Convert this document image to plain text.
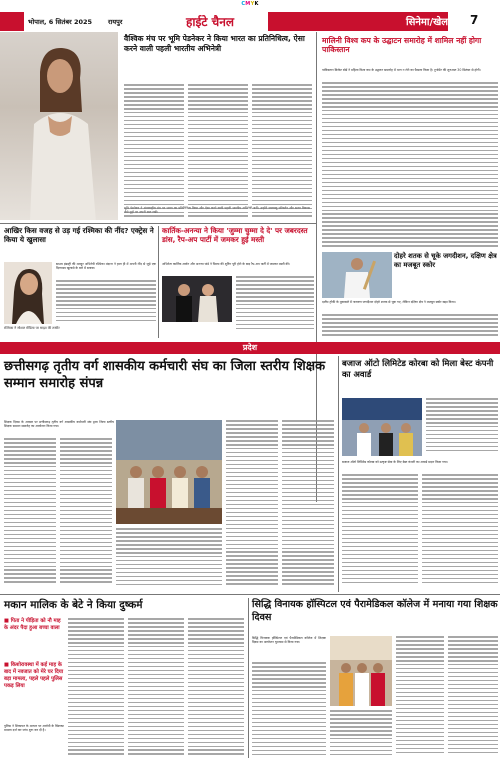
CMYK
भोपाल, 6 सितंबर 2025 रायपुर	हाईटे चैनल	सिनेमा/खेल 7
वैश्विक मंच पर भूमि पेडनेकर ने किया भारत का प्रतिनिधित्व, ऐसा करने वाली पहली भारतीय अभिनेत्री
भूमि पेडनेकर ने अंतरराष्ट्रीय मंच पर भारत का प्रतिनिधित्व किया और ऐसा करने वाली पहली भारतीय अभिनेत्री बनीं। उन्होंने जलवायु परिवर्तन और सतत विकास जैसे मुद्दों पर अपनी बात रखी।
मालिनी विश्व कप के उद्घाटन समारोह में शामिल नहीं होगा पाकिस्तान
पाकिस्तान क्रिकेट बोर्ड ने महिला विश्व कप के उद्घाटन समारोह में भाग न लेने का फैसला किया है। टूर्नामेंट की शुरुआत 30 सितंबर से होगी।
आखिर किस वजह से उड़ गई रश्मिका की नींद? एक्ट्रेस ने किया ये खुलासा
रश्मिका ने सोशल मीडिया पर साझा की तस्वीर
साउथ इंडस्ट्री की मशहूर अभिनेत्री रश्मिका मंदाना ने हाल ही में अपनी नींद से जुड़े एक दिलचस्प खुलासे के बारे में बताया।
कार्तिक-अनन्या ने किया 'जुम्मा चुम्मा दे दे' पर जबरदस्त डांस, रैप-अप पार्टी में जमकर हुई मस्ती
अभिनेता कार्तिक आर्यन और अनन्या पांडे ने फिल्म की शूटिंग पूरी होने के बाद रैप-अप पार्टी में जमकर मस्ती की।
दोहरे शतक से चूके जगदीशन, दक्षिण क्षेत्र का मजबूत स्कोर
दलीप ट्रॉफी के मुकाबले में नारायण जगदीशन दोहरे शतक से चूक गए, लेकिन दक्षिण क्षेत्र ने मजबूत स्कोर खड़ा किया।
प्रदेश
छत्तीसगढ़ तृतीय वर्ग शासकीय कर्मचारी संघ का जिला स्तरीय शिक्षक सम्मान समारोह संपन्न
शिक्षक दिवस के अवसर पर छत्तीसगढ़ तृतीय वर्ग शासकीय कर्मचारी संघ द्वारा जिला स्तरीय शिक्षक सम्मान समारोह का आयोजन किया गया।
बजाज ऑटो लिमिटेड कोरबा को मिला बेस्ट कंपनी का अवार्ड
बजाज ऑटो लिमिटेड कोरबा को उत्कृष्ट सेवा के लिए बेस्ट कंपनी का अवार्ड प्रदान किया गया।
मकान मालिक के बेटे ने किया दुष्कर्म
■ पिता ने पीड़िता को नौ माह के अंदर पैदा हुआ बच्चा वाला
■ किशोरावस्था में कई माह के बाद में नवजात को मेरे घर दिया बड़ा मामला, पहले पहले पुलिस पकड़ लिया
पुलिस ने शिकायत के आधार पर आरोपी के खिलाफ मामला दर्ज कर जांच शुरू कर दी है।
सिद्धि विनायक हॉस्पिटल एवं पैरामेडिकल कॉलेज में मनाया गया शिक्षक दिवस
सिद्धि विनायक हॉस्पिटल एवं पैरामेडिकल कॉलेज में शिक्षक दिवस का आयोजन धूमधाम से किया गया।
